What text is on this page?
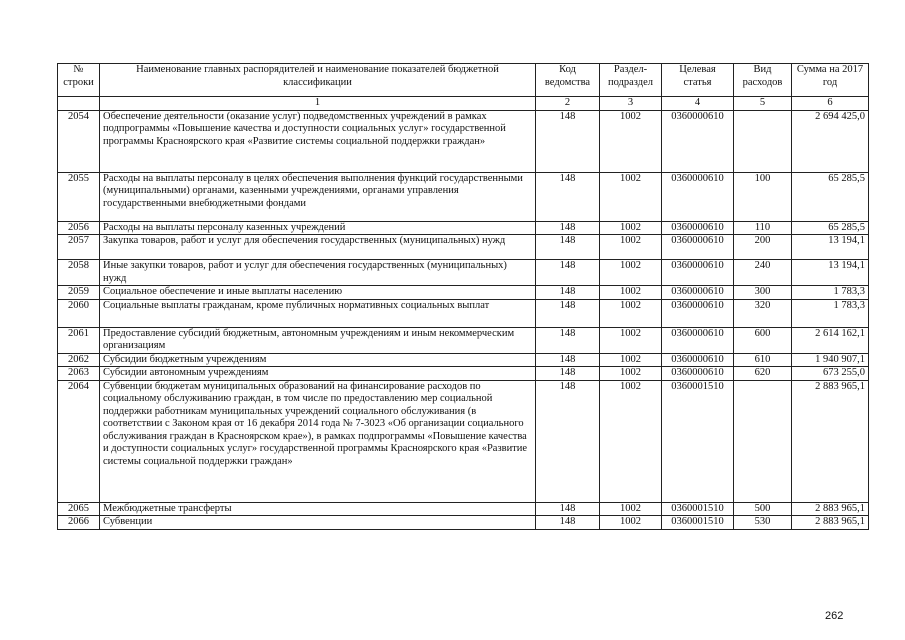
№ строки	Наименование главных распорядителей и наименование показателей бюджетной классификации	Код ведомства	Раздел-подраздел	Целевая статья	Вид расходов	Сумма на 2017 год
	1	2	3	4	5	6
2054	Обеспечение деятельности (оказание услуг) подведомственных учреждений в рамках подпрограммы «Повышение качества и доступности социальных услуг» государственной программы Красноярского края «Развитие системы социальной поддержки граждан»	148	1002	0360000610		2 694 425,0
2055	Расходы на выплаты персоналу в целях обеспечения выполнения функций государственными (муниципальными) органами, казенными учреждениями, органами управления государственными внебюджетными фондами	148	1002	0360000610	100	65 285,5
2056	Расходы на выплаты персоналу казенных учреждений	148	1002	0360000610	110	65 285,5
2057	Закупка товаров, работ и услуг для обеспечения государственных (муниципальных) нужд	148	1002	0360000610	200	13 194,1
2058	Иные закупки товаров, работ и услуг для обеспечения государственных (муниципальных) нужд	148	1002	0360000610	240	13 194,1
2059	Социальное обеспечение и иные выплаты населению	148	1002	0360000610	300	1 783,3
2060	Социальные выплаты гражданам, кроме публичных нормативных социальных выплат	148	1002	0360000610	320	1 783,3
2061	Предоставление субсидий бюджетным, автономным учреждениям и иным некоммерческим организациям	148	1002	0360000610	600	2 614 162,1
2062	Субсидии бюджетным учреждениям	148	1002	0360000610	610	1 940 907,1
2063	Субсидии автономным учреждениям	148	1002	0360000610	620	673 255,0
2064	Субвенции бюджетам муниципальных образований на финансирование расходов по социальному обслуживанию граждан, в том числе по предоставлению мер социальной поддержки работникам муниципальных учреждений социального обслуживания (в соответствии с Законом края от 16 декабря 2014 года № 7-3023 «Об организации социального обслуживания граждан в Красноярском крае»), в рамках подпрограммы «Повышение качества и доступности социальных услуг» государственной программы Красноярского края «Развитие системы социальной поддержки граждан»	148	1002	0360001510		2 883 965,1
2065	Межбюджетные трансферты	148	1002	0360001510	500	2 883 965,1
2066	Субвенции	148	1002	0360001510	530	2 883 965,1
262
